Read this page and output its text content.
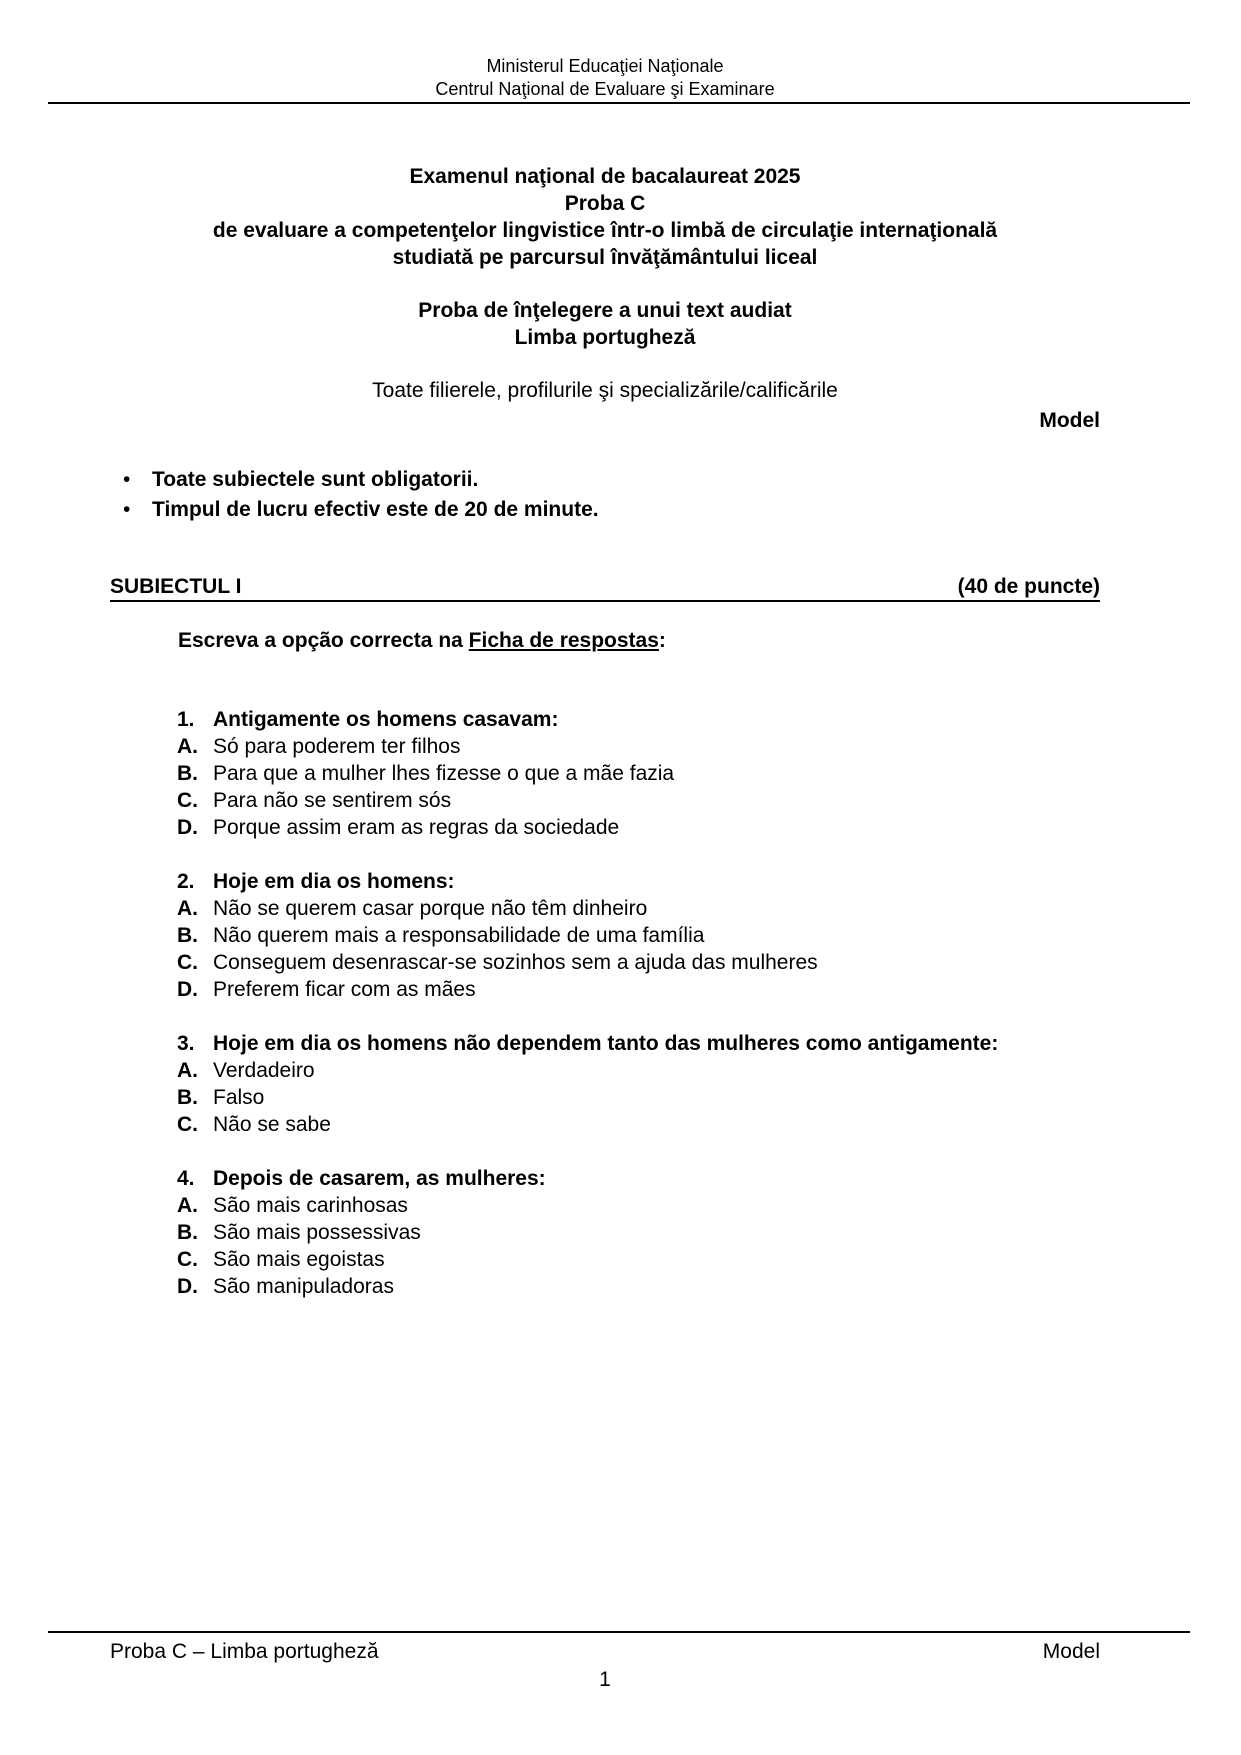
Ministerul Educaţiei Naţionale
Centrul Naţional de Evaluare şi Examinare
Examenul naţional de bacalaureat 2025
Proba C
de evaluare a competenţelor lingvistice într-o limbă de circulaţie internaţională
studiată pe parcursul învăţământului liceal
Proba de înţelegere a unui text audiat
Limba portugheză
Toate filierele, profilurile şi specializările/calificările
Model
•	Toate subiectele sunt obligatorii.
•	Timpul de lucru efectiv este de 20 de minute.
SUBIECTUL I	(40 de puncte)
Escreva a opção correcta na Ficha de respostas:
1. Antigamente os homens casavam:
A. Só para poderem ter filhos
B. Para que a mulher lhes fizesse o que a mãe fazia
C. Para não se sentirem sós
D. Porque assim eram as regras da sociedade
2. Hoje em dia os homens:
A. Não se querem casar porque não têm dinheiro
B. Não querem mais a responsabilidade de uma família
C. Conseguem desenrascar-se sozinhos sem a ajuda das mulheres
D. Preferem ficar com as mães
3. Hoje em dia os homens não dependem tanto das mulheres como antigamente:
A. Verdadeiro
B. Falso
C. Não se sabe
4. Depois de casarem, as mulheres:
A. São mais carinhosas
B. São mais possessivas
C. São mais egoistas
D. São manipuladoras
Proba C – Limba portugheză	Model
1
